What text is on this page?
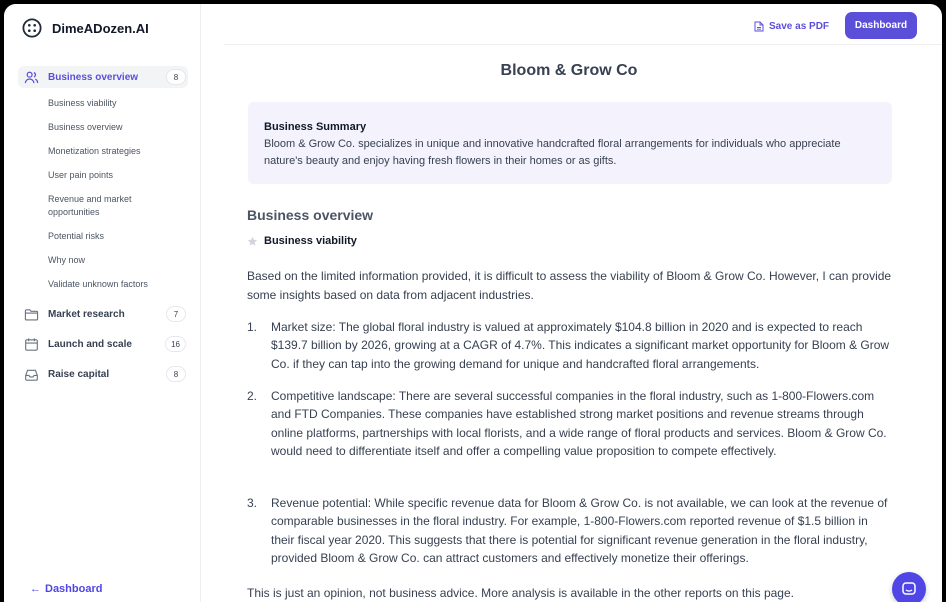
DimeADozen.AI
Business overview	8
Business viability
Business overview
Monetization strategies
User pain points
Revenue and market opportunities
Potential risks
Why now
Validate unknown factors
Market research	7
Launch and scale	16
Raise capital	8
← Dashboard
Save as PDF	Dashboard
Bloom & Grow Co
Business Summary
Bloom & Grow Co. specializes in unique and innovative handcrafted floral arrangements for individuals who appreciate nature's beauty and enjoy having fresh flowers in their homes or as gifts.
Business overview
Business viability

Based on the limited information provided, it is difficult to assess the viability of Bloom & Grow Co. However, I can provide some insights based on data from adjacent industries.

1.	Market size: The global floral industry is valued at approximately $104.8 billion in 2020 and is expected to reach $139.7 billion by 2026, growing at a CAGR of 4.7%. This indicates a significant market opportunity for Bloom & Grow Co. if they can tap into the growing demand for unique and handcrafted floral arrangements.
2.	Competitive landscape: There are several successful companies in the floral industry, such as 1-800-Flowers.com and FTD Companies. These companies have established strong market positions and revenue streams through online platforms, partnerships with local florists, and a wide range of floral products and services. Bloom & Grow Co. would need to differentiate itself and offer a compelling value proposition to compete effectively.
3.	Revenue potential: While specific revenue data for Bloom & Grow Co. is not available, we can look at the revenue of comparable businesses in the floral industry. For example, 1-800-Flowers.com reported revenue of $1.5 billion in their fiscal year 2020. This suggests that there is potential for significant revenue generation in the floral industry, provided Bloom & Grow Co. can attract customers and effectively monetize their offerings.

This is just an opinion, not business advice. More analysis is available in the other reports on this page.
